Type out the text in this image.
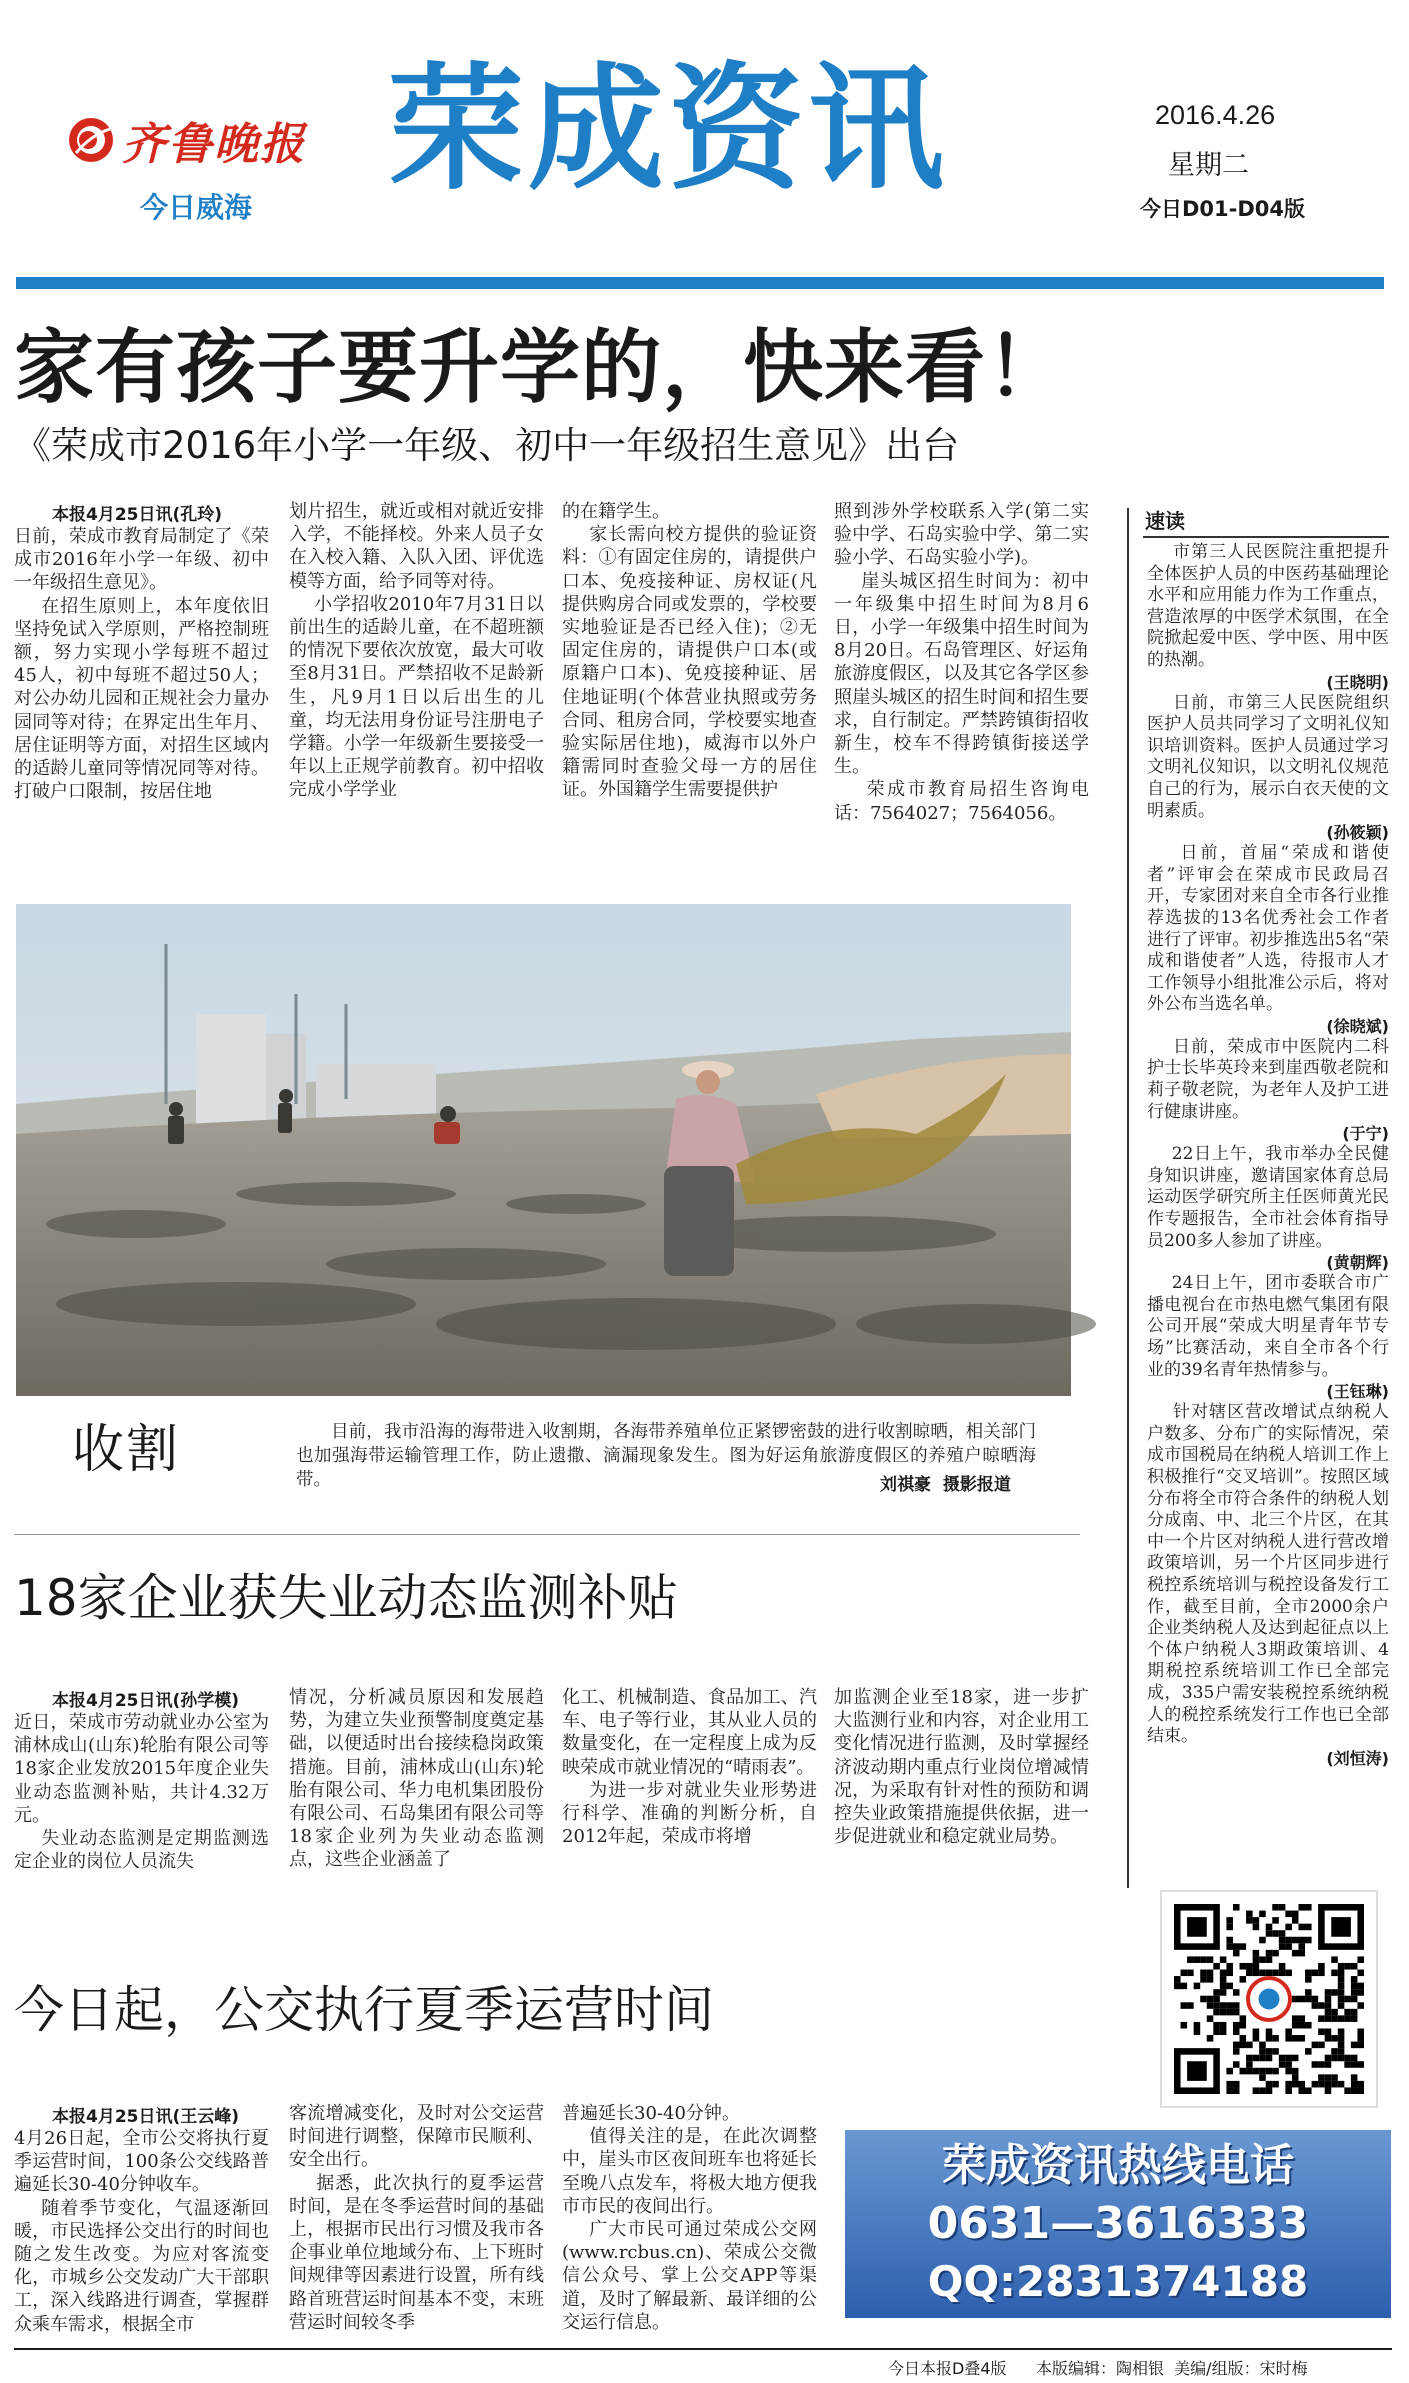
齐鲁晚报
今日威海 荣成资讯	2016.4.26
星期二
今日D01-D04版
家有孩子要升学的，快来看！
《荣成市2016年小学一年级、初中一年级招生意见》出台
本报4月25日讯(孔玲)
日前，荣成市教育局制定了《荣成市2016年小学一年级、初中一年级招生意见》。
在招生原则上，本年度依旧坚持免试入学原则，严格控制班额，努力实现小学每班不超过45人，初中每班不超过50人；对公办幼儿园和正规社会力量办园同等对待；在界定出生年月、居住证明等方面，对招生区域内的适龄儿童同等情况同等对待。打破户口限制，按居住地
划片招生，就近或相对就近安排入学，不能择校。外来人员子女在入校入籍、入队入团、评优选模等方面，给予同等对待。
小学招收2010年7月31日以前出生的适龄儿童，在不超班额的情况下要依次放宽，最大可收至8月31日。严禁招收不足龄新生，凡9月1日以后出生的儿童，均无法用身份证号注册电子学籍。小学一年级新生要接受一年以上正规学前教育。初中招收完成小学学业
的在籍学生。
家长需向校方提供的验证资料：①有固定住房的，请提供户口本、免疫接种证、房权证(凡提供购房合同或发票的，学校要实地验证是否已经入住)；②无固定住房的，请提供户口本(或原籍户口本)、免疫接种证、居住地证明(个体营业执照或劳务合同、租房合同，学校要实地查验实际居住地)，威海市以外户籍需同时查验父母一方的居住证。外国籍学生需要提供护
照到涉外学校联系入学(第二实验中学、石岛实验中学、第二实验小学、石岛实验小学)。
崖头城区招生时间为：初中一年级集中招生时间为8月6日，小学一年级集中招生时间为8月20日。石岛管理区、好运角旅游度假区，以及其它各学区参照崖头城区的招生时间和招生要求，自行制定。严禁跨镇街招收新生，校车不得跨镇街接送学生。
荣成市教育局招生咨询电话：7564027；7564056。
速读
市第三人民医院注重把提升全体医护人员的中医药基础理论水平和应用能力作为工作重点，营造浓厚的中医学术氛围，在全院掀起爱中医、学中医、用中医的热潮。
(王晓明)
日前，市第三人民医院组织医护人员共同学习了文明礼仪知识培训资料。医护人员通过学习文明礼仪知识，以文明礼仪规范自己的行为，展示白衣天使的文明素质。
(孙筱颖)
日前，首届“荣成和谐使者”评审会在荣成市民政局召开，专家团对来自全市各行业推荐选拔的13名优秀社会工作者进行了评审。初步推选出5名“荣成和谐使者”人选，待报市人才工作领导小组批准公示后，将对外公布当选名单。
(徐晓斌)
日前，荣成市中医院内二科护士长毕英玲来到崖西敬老院和莉子敬老院，为老年人及护工进行健康讲座。
(于宁)
22日上午，我市举办全民健身知识讲座，邀请国家体育总局运动医学研究所主任医师黄光民作专题报告，全市社会体育指导员200多人参加了讲座。
(黄朝辉)
24日上午，团市委联合市广播电视台在市热电燃气集团有限公司开展“荣成大明星青年节专场”比赛活动，来自全市各个行业的39名青年热情参与。
(王钰琳)
针对辖区营改增试点纳税人户数多、分布广的实际情况，荣成市国税局在纳税人培训工作上积极推行“交叉培训”。按照区域分布将全市符合条件的纳税人划分成南、中、北三个片区，在其中一个片区对纳税人进行营改增政策培训，另一个片区同步进行税控系统培训与税控设备发行工作，截至目前，全市2000余户企业类纳税人及达到起征点以上个体户纳税人3期政策培训、4期税控系统培训工作已全部完成，335户需安装税控系统纳税人的税控系统发行工作也已全部结束。
(刘恒涛)
收割	目前，我市沿海的海带进入收割期，各海带养殖单位正紧锣密鼓的进行收割晾晒，相关部门也加强海带运输管理工作，防止遗撒、滴漏现象发生。图为好运角旅游度假区的养殖户晾晒海带。	刘祺豪  摄影报道
18家企业获失业动态监测补贴
本报4月25日讯(孙学模)
近日，荣成市劳动就业办公室为浦林成山(山东)轮胎有限公司等18家企业发放2015年度企业失业动态监测补贴，共计4.32万元。
失业动态监测是定期监测选定企业的岗位人员流失
情况，分析减员原因和发展趋势，为建立失业预警制度奠定基础，以便适时出台接续稳岗政策措施。目前，浦林成山(山东)轮胎有限公司、华力电机集团股份有限公司、石岛集团有限公司等18家企业列为失业动态监测点，这些企业涵盖了
化工、机械制造、食品加工、汽车、电子等行业，其从业人员的数量变化，在一定程度上成为反映荣成市就业情况的“晴雨表”。
为进一步对就业失业形势进行科学、准确的判断分析，自2012年起，荣成市将增
加监测企业至18家，进一步扩大监测行业和内容，对企业用工变化情况进行监测，及时掌握经济波动期内重点行业岗位增减情况，为采取有针对性的预防和调控失业政策措施提供依据，进一步促进就业和稳定就业局势。
今日起，公交执行夏季运营时间
本报4月25日讯(王云峰)
4月26日起，全市公交将执行夏季运营时间，100条公交线路普遍延长30-40分钟收车。
随着季节变化，气温逐渐回暖，市民选择公交出行的时间也随之发生改变。为应对客流变化，市城乡公交发动广大干部职工，深入线路进行调查，掌握群众乘车需求，根据全市
客流增减变化，及时对公交运营时间进行调整，保障市民顺利、安全出行。
据悉，此次执行的夏季运营时间，是在冬季运营时间的基础上，根据市民出行习惯及我市各企事业单位地域分布、上下班时间规律等因素进行设置，所有线路首班营运时间基本不变，末班营运时间较冬季
普遍延长30-40分钟。
值得关注的是，在此次调整中，崖头市区夜间班车也将延长至晚八点发车，将极大地方便我市市民的夜间出行。
广大市民可通过荣成公交网(www.rcbus.cn)、荣成公交微信公众号、掌上公交APP等渠道，及时了解最新、最详细的公交运行信息。
荣成资讯热线电话
0631—3616333
QQ:2831374188
今日本报D叠4版 本版编辑：陶相银  美编/组版：宋时梅
